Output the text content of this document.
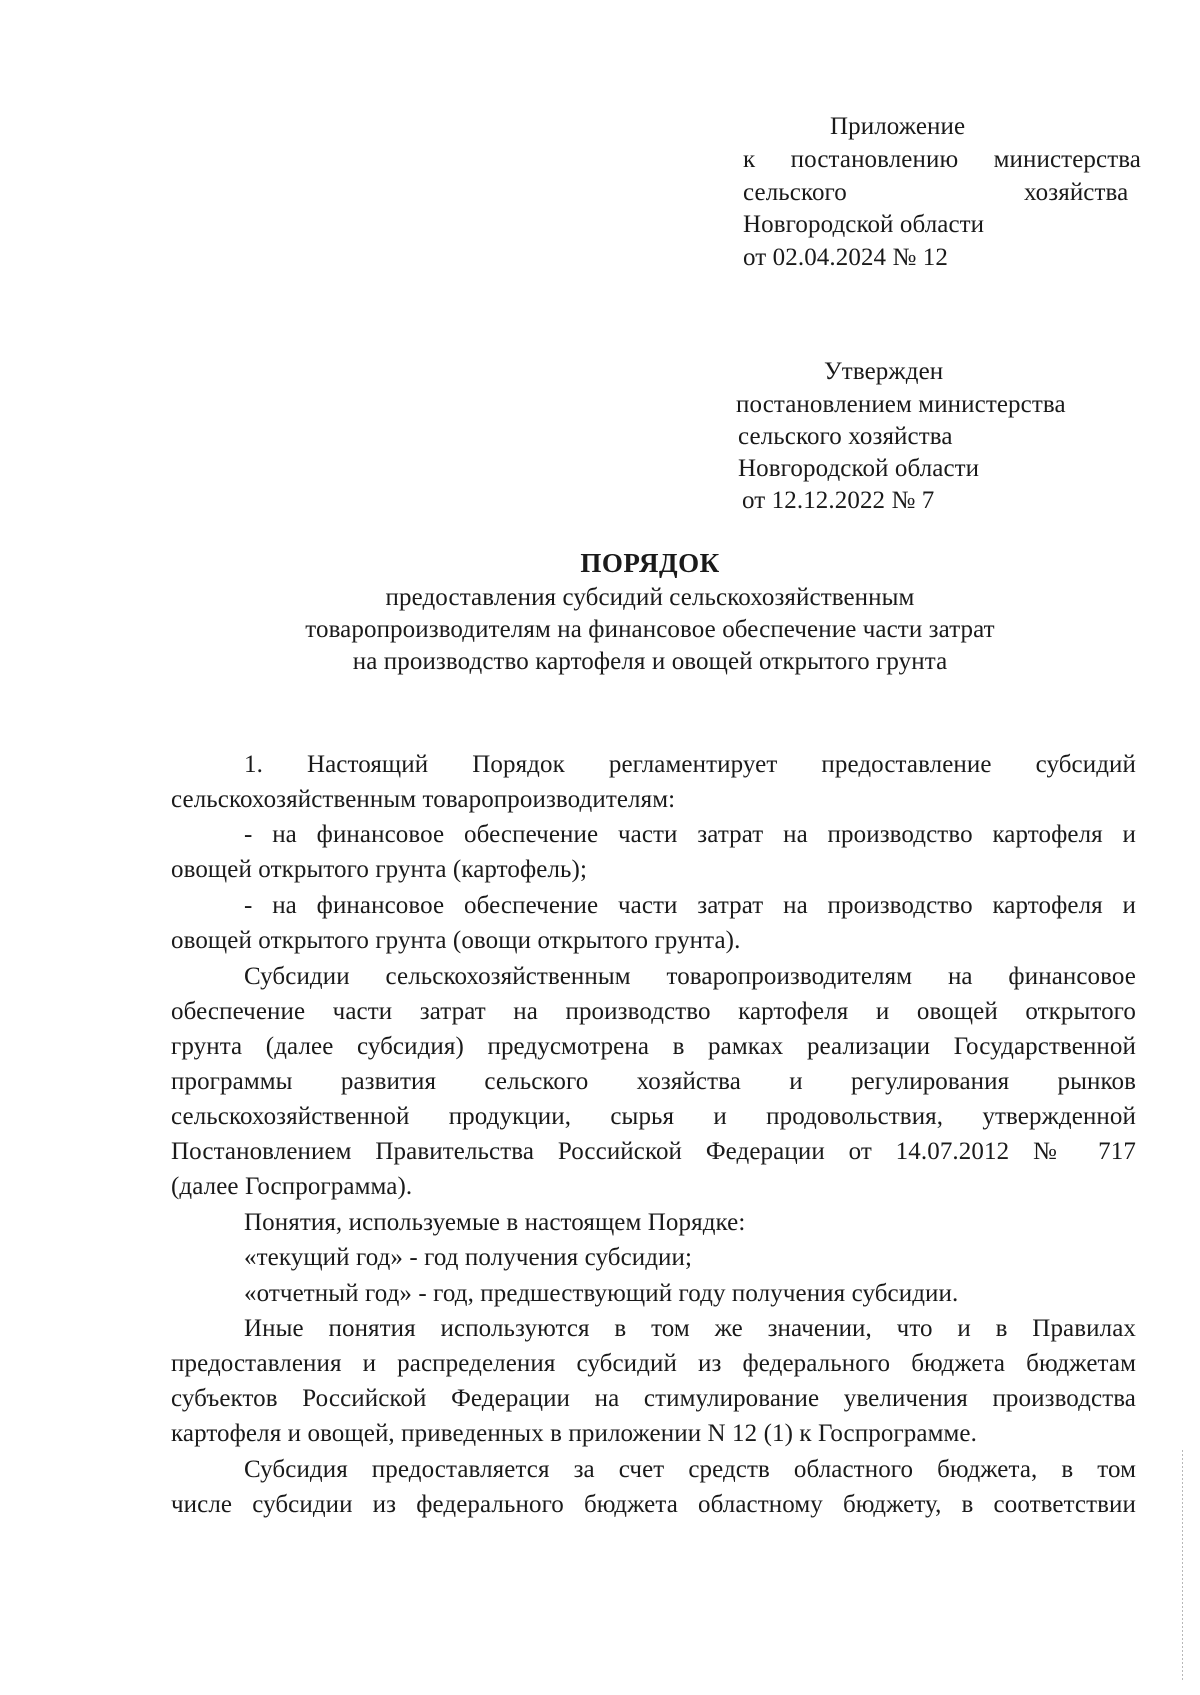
Приложение
к постановлению министерства
сельского	хозяйства
Новгородской области
от 02.04.2024 № 12
Утвержден
постановлением министерства
сельского хозяйства
Новгородской области
от 12.12.2022 № 7
ПОРЯДОК
предоставления субсидий сельскохозяйственным
товаропроизводителям на финансовое обеспечение части затрат
на производство картофеля и овощей открытого грунта
1. Настоящий Порядок регламентирует предоставление субсидий
сельскохозяйственным товаропроизводителям:
- на финансовое обеспечение части затрат на производство картофеля и
овощей открытого грунта (картофель);
- на финансовое обеспечение части затрат на производство картофеля и
овощей открытого грунта (овощи открытого грунта).
Субсидии сельскохозяйственным товаропроизводителям на финансовое
обеспечение части затрат на производство картофеля и овощей открытого
грунта (далее субсидия) предусмотрена в рамках реализации Государственной
программы развития сельского хозяйства и регулирования рынков
сельскохозяйственной продукции, сырья и продовольствия, утвержденной
Постановлением Правительства Российской Федерации от 14.07.2012 № 717
(далее Госпрограмма).
Понятия, используемые в настоящем Порядке:
«текущий год» - год получения субсидии;
«отчетный год» - год, предшествующий году получения субсидии.
Иные понятия используются в том же значении, что и в Правилах
предоставления и распределения субсидий из федерального бюджета бюджетам
субъектов Российской Федерации на стимулирование увеличения производства
картофеля и овощей, приведенных в приложении N 12 (1) к Госпрограмме.
Субсидия предоставляется за счет средств областного бюджета, в том
числе субсидии из федерального бюджета областному бюджету, в соответствии
